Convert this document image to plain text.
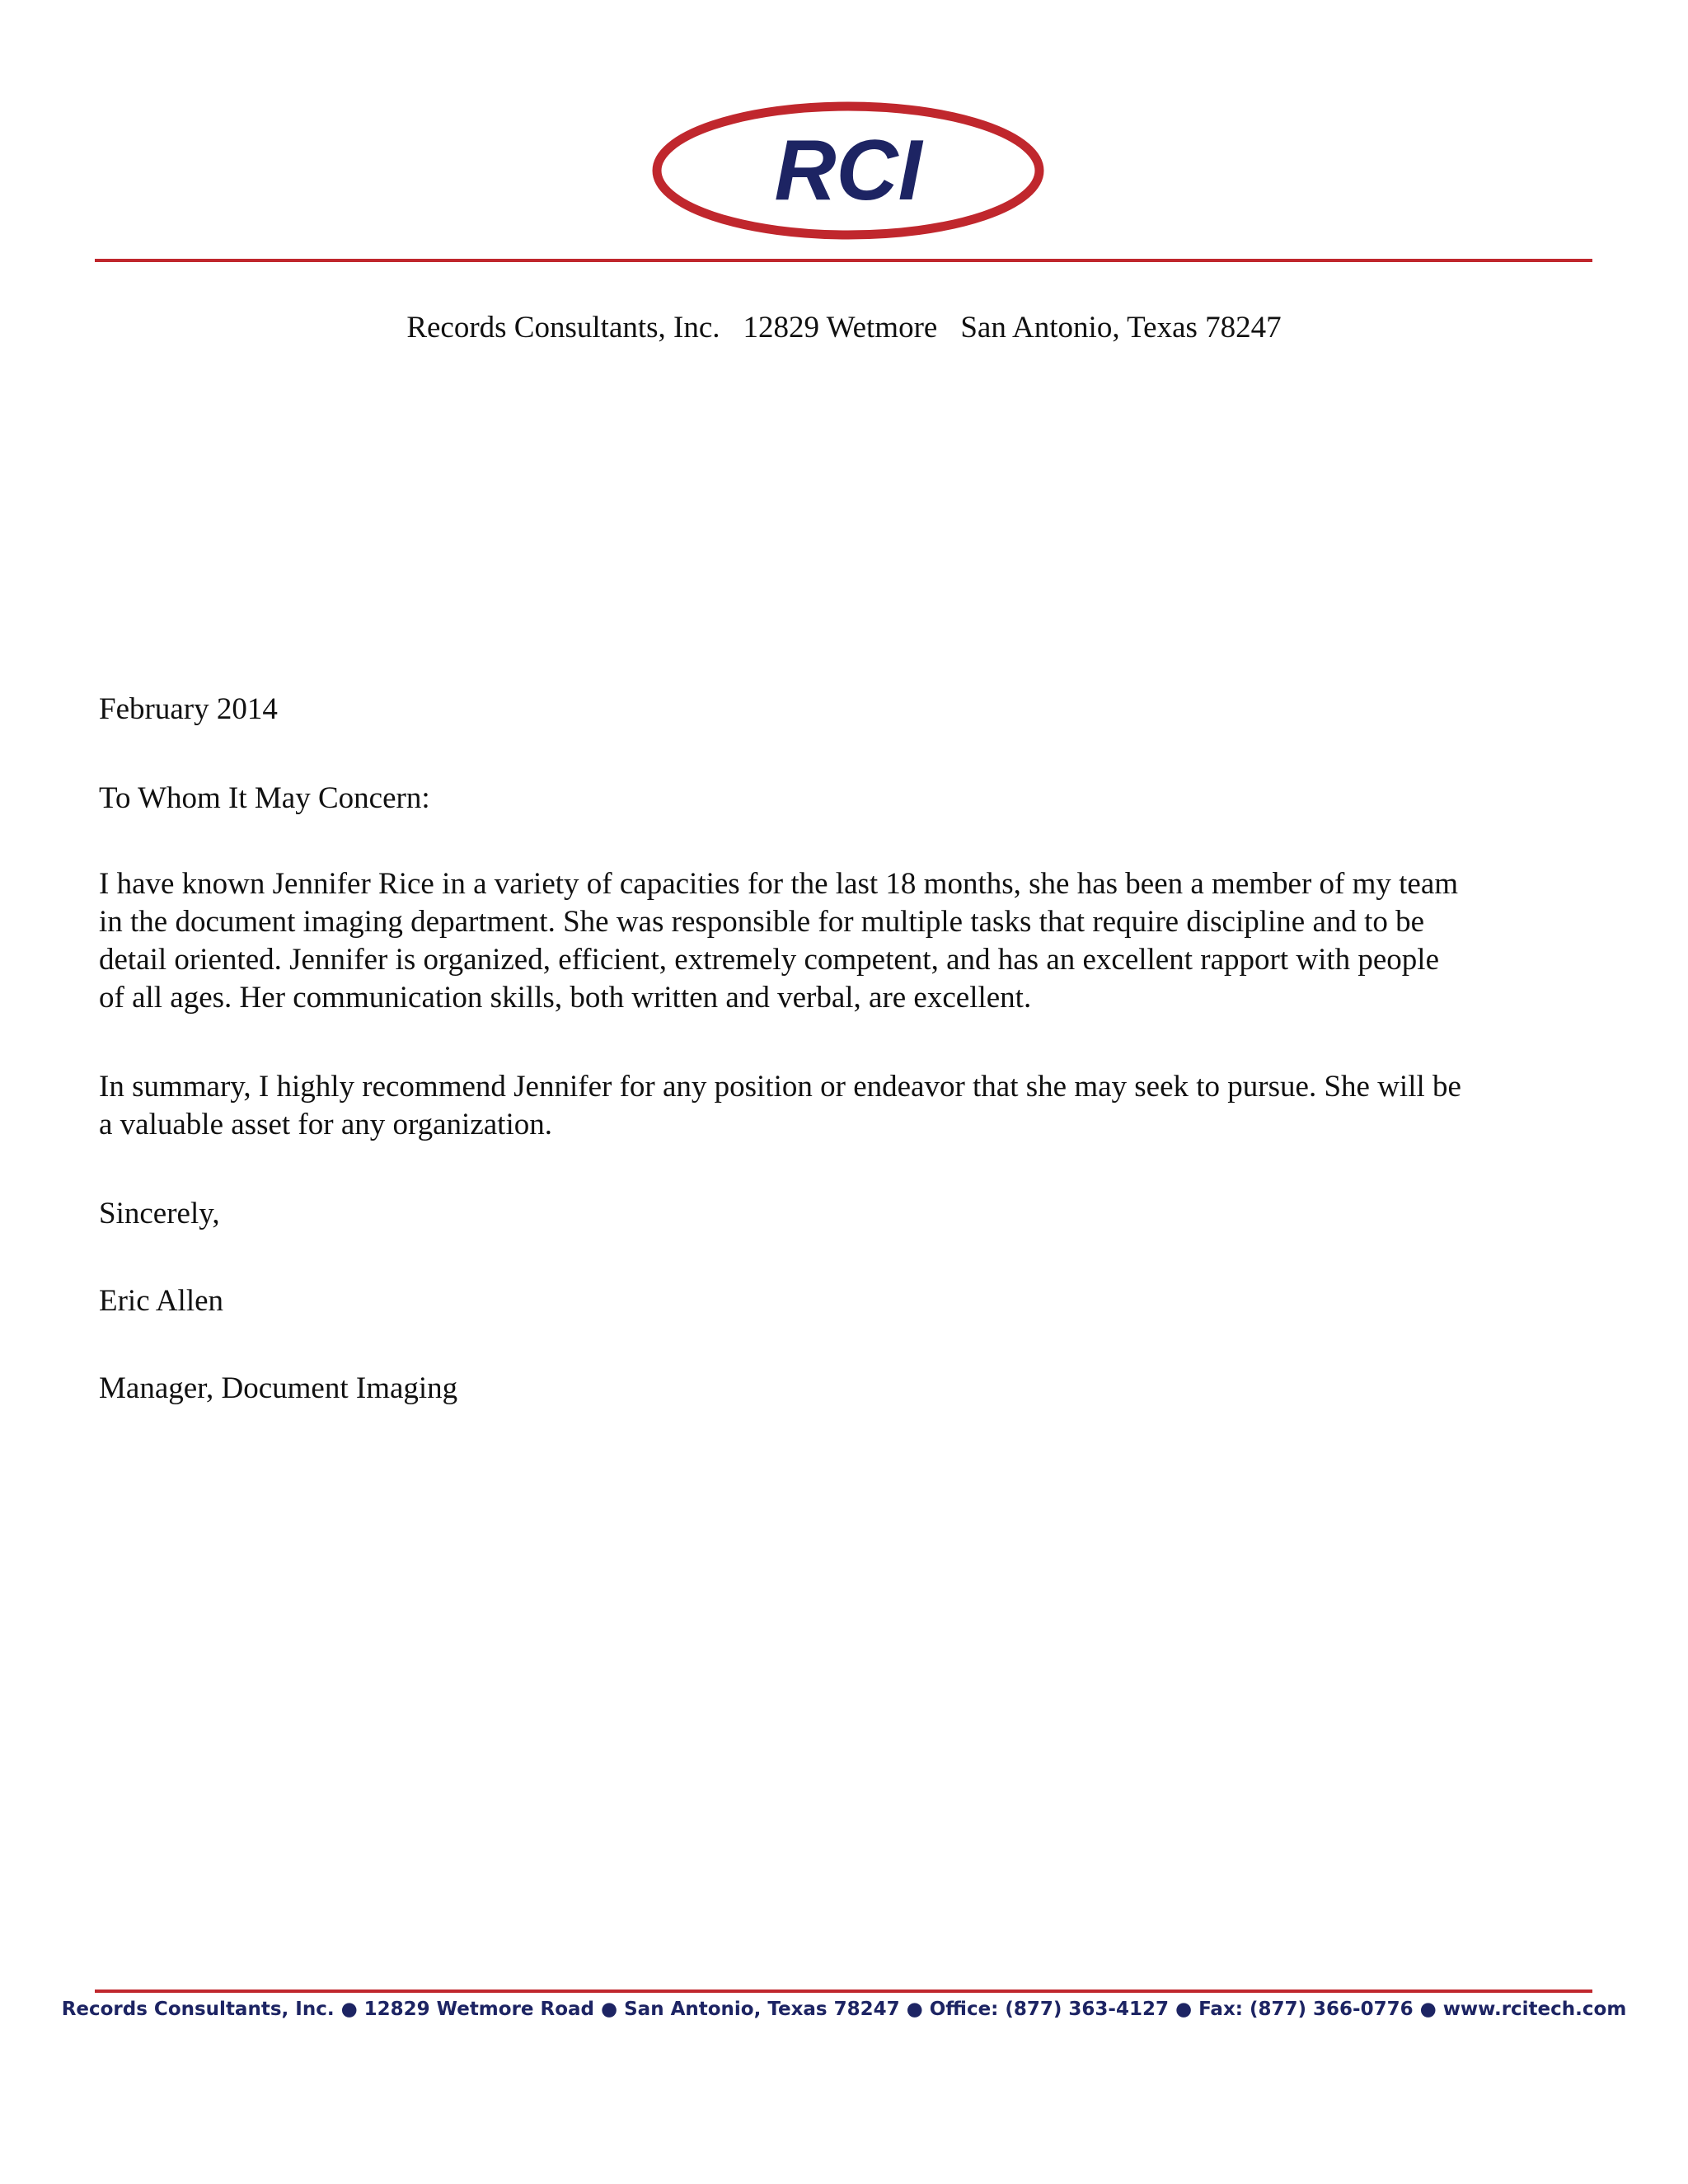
RCI
Records Consultants, Inc. 12829 Wetmore San Antonio, Texas 78247
February 2014
To Whom It May Concern:
I have known Jennifer Rice in a variety of capacities for the last 18 months, she has been a member of my team
in the document imaging department. She was responsible for multiple tasks that require discipline and to be
detail oriented. Jennifer is organized, efficient, extremely competent, and has an excellent rapport with people
of all ages. Her communication skills, both written and verbal, are excellent.
In summary, I highly recommend Jennifer for any position or endeavor that she may seek to pursue. She will be
a valuable asset for any organization.
Sincerely,
Eric Allen
Manager, Document Imaging
Records Consultants, Inc. ● 12829 Wetmore Road ● San Antonio, Texas 78247 ● Office: (877) 363-4127 ● Fax: (877) 366-0776 ● www.rcitech.com
